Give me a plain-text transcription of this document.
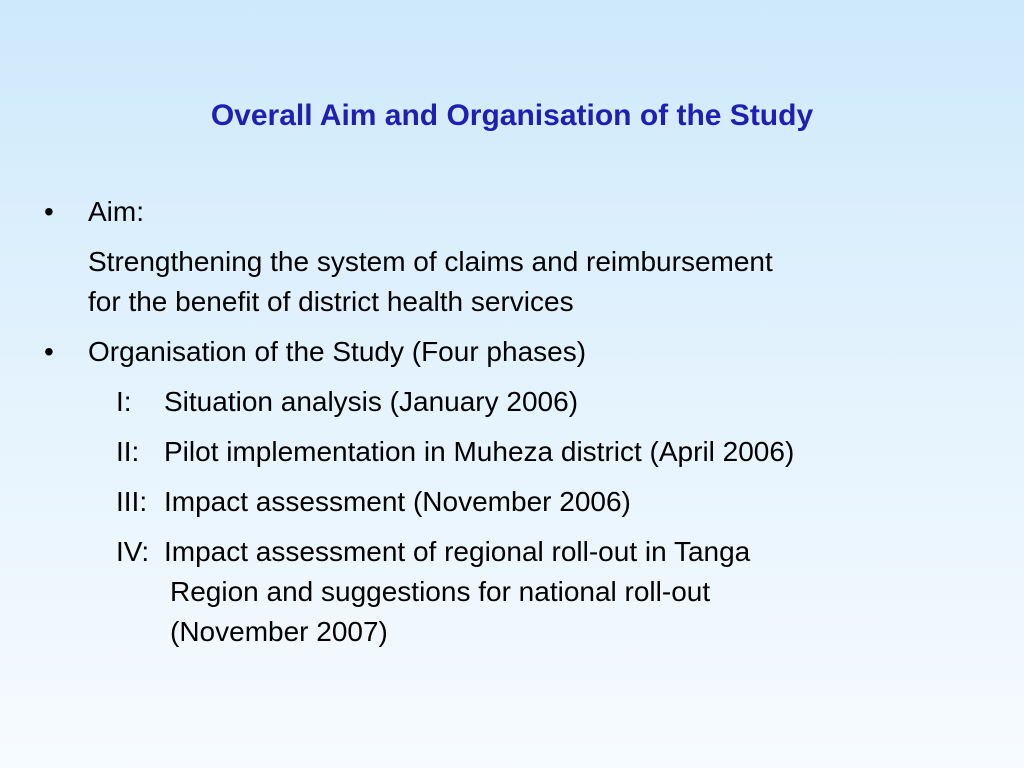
Overall Aim and Organisation of the Study
•	Aim:
Strengthening the system of claims and reimbursement
for the benefit of district health services
•	Organisation of the Study (Four phases)
I:	Situation analysis (January 2006)
II: Pilot implementation in Muheza district (April 2006)
III: Impact assessment (November 2006)
IV: Impact assessment of regional roll-out in Tanga
Region and suggestions for national roll-out
(November 2007)
